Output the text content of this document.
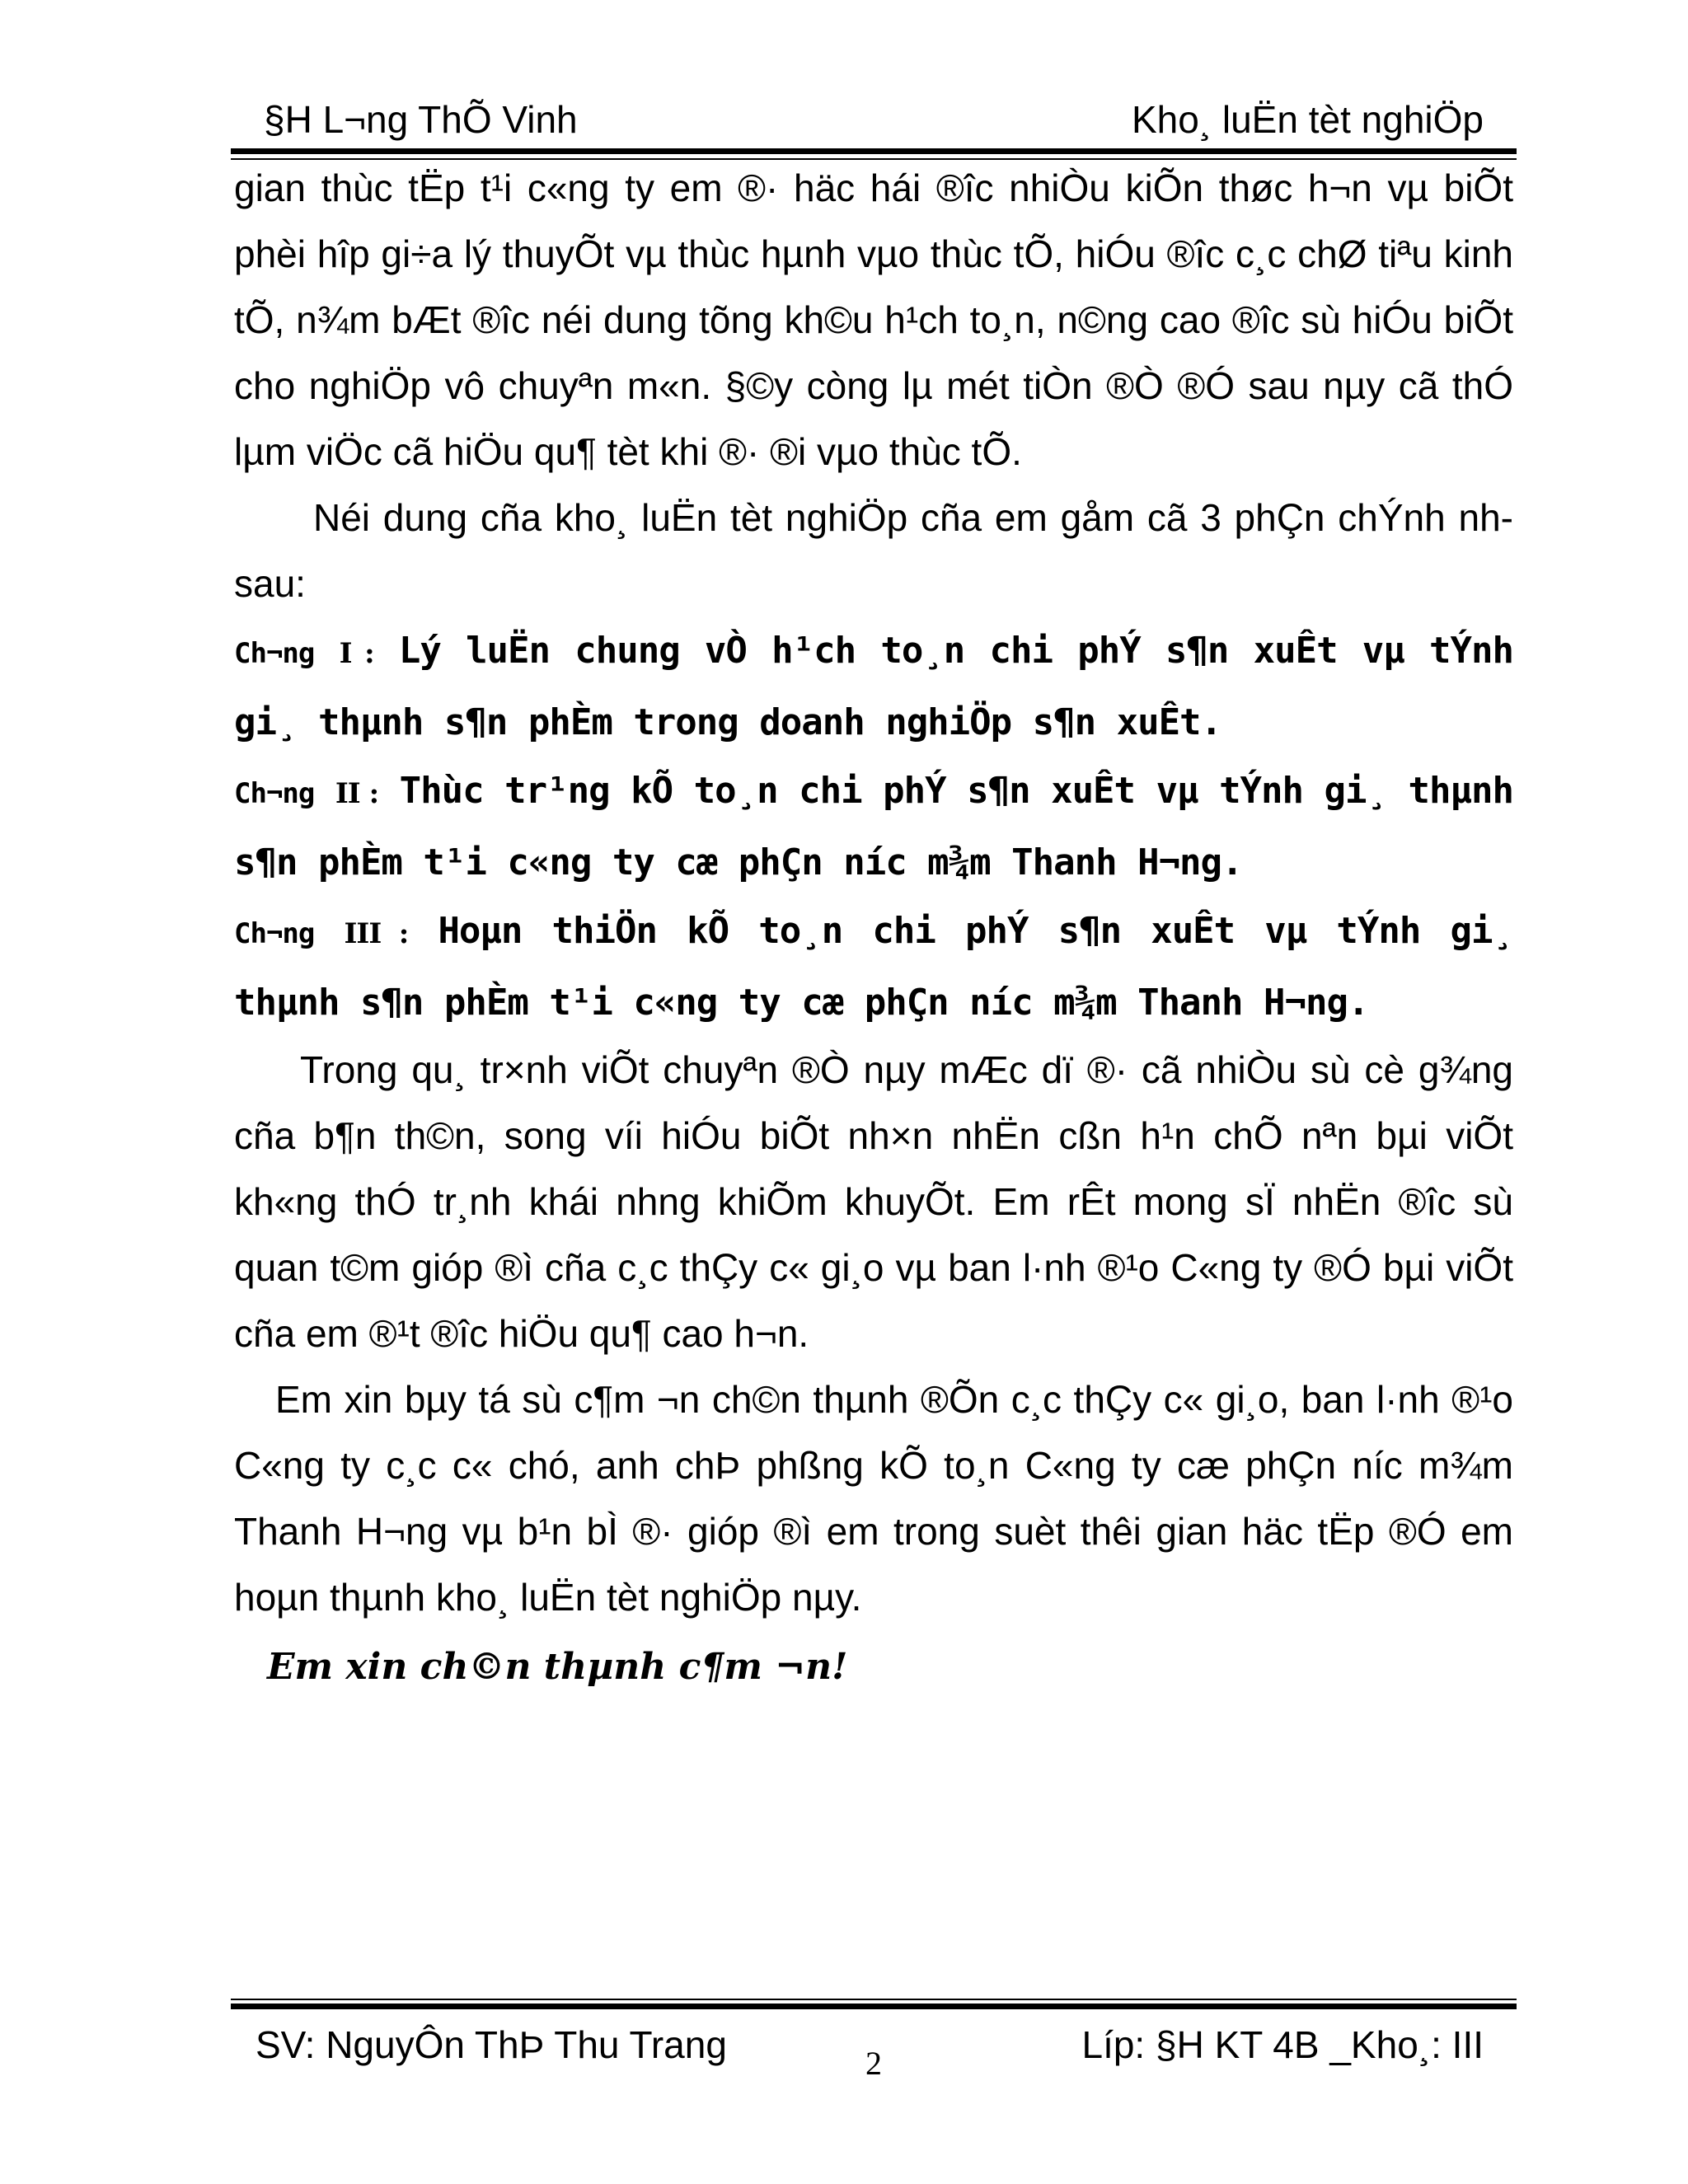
§H L¬ng ThÕ Vinh	Kho¸ luËn tèt nghiÖp

gian thùc tËp t¹i c«ng ty em ®· häc hái ®îc nhiÒu kiÕn thøc h¬n vµ biÕt phèi hîp gi÷a lý thuyÕt vµ thùc hµnh vµo thùc tÕ, hiÓu ®îc c¸c chØ tiªu kinh tÕ, n¾m bÆt ®îc néi dung tõng kh©u h¹ch to¸n, n©ng cao ®îc sù hiÓu biÕt cho nghiÖp vô chuyªn m«n. §©y còng lµ mét tiÒn ®Ò ®Ó sau nµy cã thÓ lµm viÖc cã hiÖu qu¶ tèt khi ®· ®i vµo thùc tÕ.

Néi dung cña kho¸ luËn tèt nghiÖp cña em gåm cã 3 phÇn chÝnh nh sau:

Ch¬ng I : Lý luËn chung vÒ h¹ch to¸n chi phÝ s¶n xuÊt vµ tÝnh gi¸ thµnh s¶n phÈm trong doanh nghiÖp s¶n xuÊt.

Ch¬ng II : Thùc tr¹ng kÕ to¸n chi phÝ s¶n xuÊt vµ tÝnh gi¸ thµnh s¶n phÈm t¹i c«ng ty cæ phÇn níc m¾m Thanh H¬ng.

Ch¬ng III : Hoµn thiÖn kÕ to¸n chi phÝ s¶n xuÊt vµ tÝnh gi¸ thµnh s¶n phÈm t¹i c«ng ty cæ phÇn níc m¾m Thanh H¬ng.

Trong qu¸ tr×nh viÕt chuyªn ®Ò nµy mÆc dï ®· cã nhiÒu sù cè g¾ng cña b¶n th©n, song víi hiÓu biÕt nh×n nhËn cßn h¹n chÕ nªn bµi viÕt kh«ng thÓ tr¸nh khái nhng khiÕm khuyÕt. Em rÊt mong sÏ nhËn ®îc sù quan t©m gióp ®ì cña c¸c thÇy c« gi¸o vµ ban l·nh ®¹o C«ng ty ®Ó bµi viÕt cña em ®¹t ®îc hiÖu qu¶ cao h¬n.

Em xin bµy tá sù c¶m ¬n ch©n thµnh ®Õn c¸c thÇy c« gi¸o, ban l·nh ®¹o C«ng ty c¸c c« chó, anh chÞ phßng kÕ to¸n C«ng ty cæ phÇn níc m¾m Thanh H¬ng vµ b¹n bÌ ®· gióp ®ì em trong suèt thêi gian häc tËp ®Ó em hoµn thµnh kho¸ luËn tèt nghiÖp nµy.

Em xin ch©n thµnh c¶m ¬n!

SV: NguyÔn ThÞ Thu Trang	2	Líp: §H KT 4B _Kho¸: III
